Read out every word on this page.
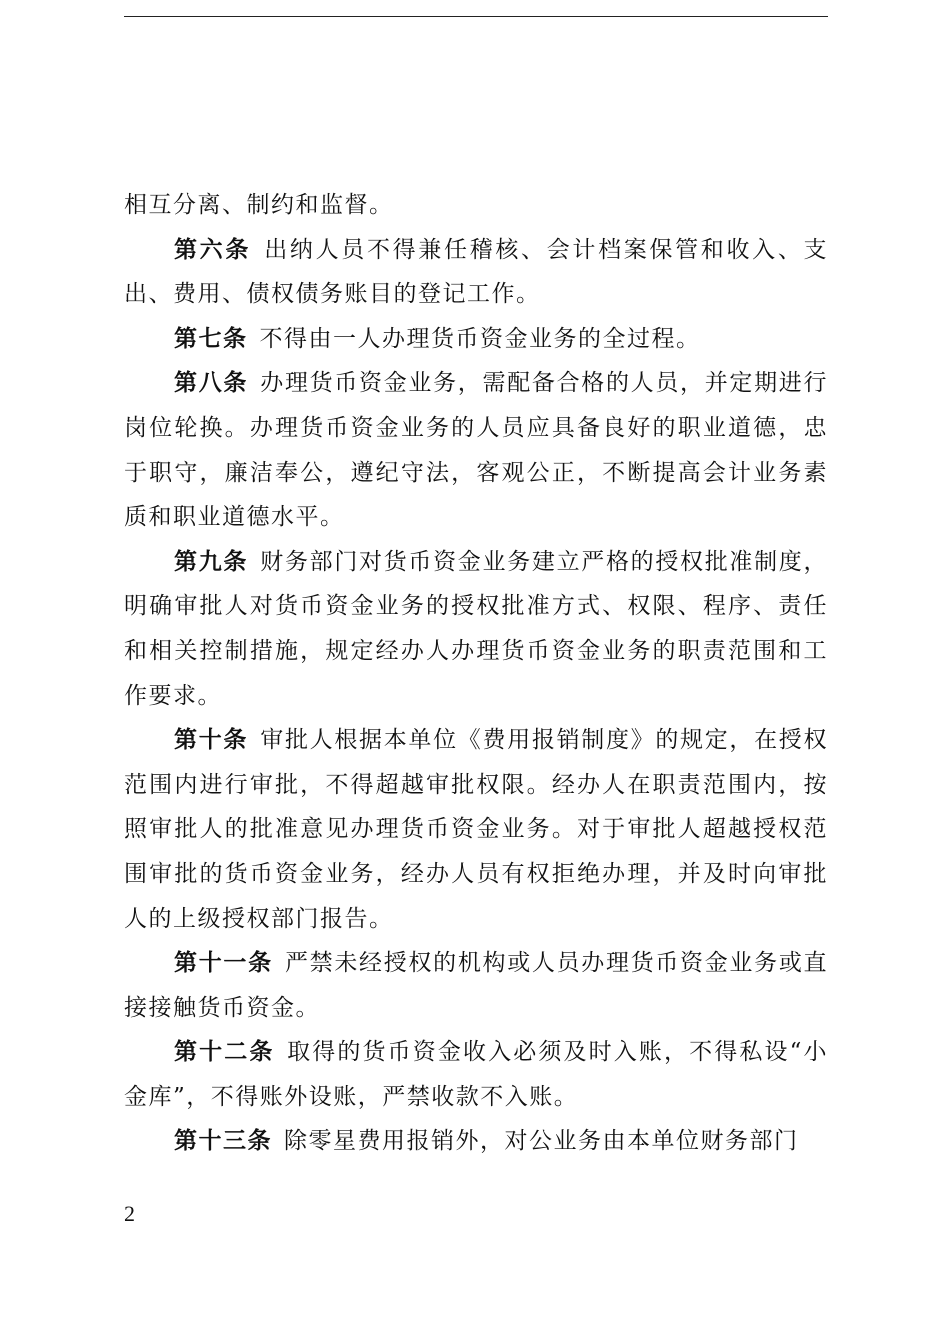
相互分离、制约和监督。

第六条 出纳人员不得兼任稽核、会计档案保管和收入、支出、费用、债权债务账目的登记工作。

第七条 不得由一人办理货币资金业务的全过程。

第八条 办理货币资金业务，需配备合格的人员，并定期进行岗位轮换。办理货币资金业务的人员应具备良好的职业道德，忠于职守，廉洁奉公，遵纪守法，客观公正，不断提高会计业务素质和职业道德水平。

第九条 财务部门对货币资金业务建立严格的授权批准制度，明确审批人对货币资金业务的授权批准方式、权限、程序、责任和相关控制措施，规定经办人办理货币资金业务的职责范围和工作要求。

第十条 审批人根据本单位《费用报销制度》的规定，在授权范围内进行审批，不得超越审批权限。经办人在职责范围内，按照审批人的批准意见办理货币资金业务。对于审批人超越授权范围审批的货币资金业务，经办人员有权拒绝办理，并及时向审批人的上级授权部门报告。

第十一条 严禁未经授权的机构或人员办理货币资金业务或直接接触货币资金。

第十二条 取得的货币资金收入必须及时入账，不得私设“小金库”，不得账外设账，严禁收款不入账。

第十三条 除零星费用报销外，对公业务由本单位财务部门

2
